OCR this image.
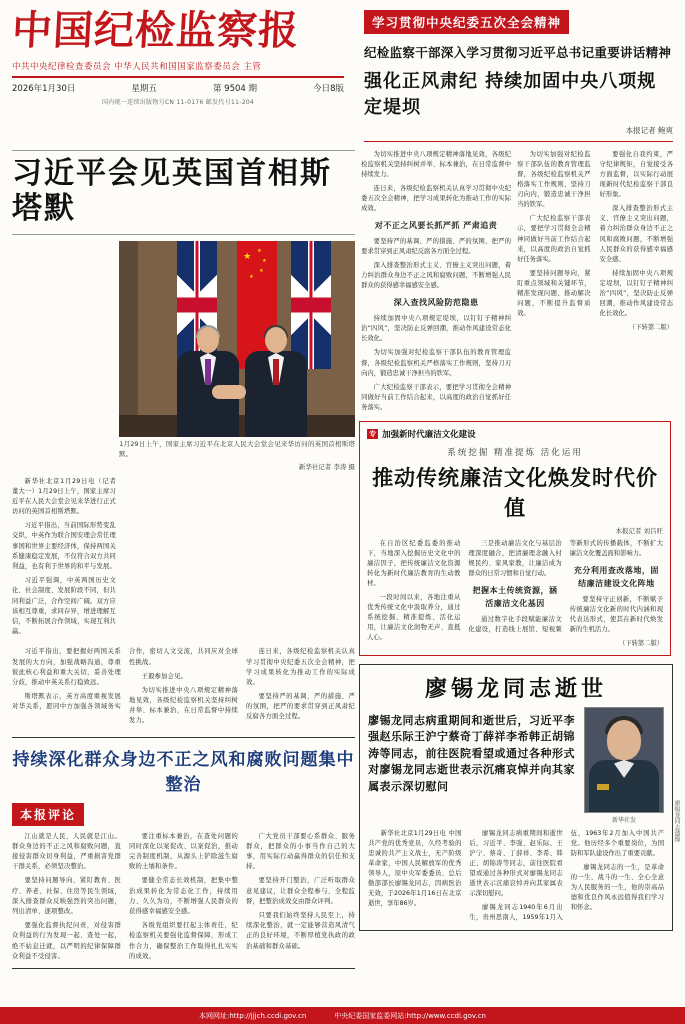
中国纪检监察报
中共中央纪律检查委员会 中华人民共和国国家监察委员会 主管
2026年1月30日	星期五	第 9504 期	今日8版
国内统一连续出版物号CN 11-0176 邮发代号11-204
学习贯彻中央纪委五次全会精神
纪检监察干部深入学习贯彻习近平总书记重要讲话精神
强化正风肃纪 持续加固中央八项规定堤坝
本报记者 鲍爽
习近平会见英国首相斯塔默
★
★
★
★
★
1月29日上午，国家主席习近平在北京人民大会堂会见来华访问的英国首相斯塔默。
新华社记者 李涛 摄

新华社北京1月29日电（记者 董大一）1月29日上午，国家主席习近平在人民大会堂会见来华进行正式访问的英国首相斯塔默。

习近平指出，当前国际形势变乱交织，中英作为联合国安理会常任理事国和世界主要经济体，保持两国关系健康稳定发展，不仅符合双方共同利益，也有利于世界的和平与发展。

习近平强调，中英两国历史文化、社会制度、发展阶段不同，但共同利益广泛，合作空间广阔。双方应该相互尊重，求同存异，增进理解互信，不断拓展合作领域，实现互利共赢。

习近平指出，要把握好两国关系发展的大方向，加强战略沟通，尊重彼此核心利益和重大关切，妥善处理分歧，推动中英关系行稳致远。

斯塔默表示，英方高度重视发展对华关系，愿同中方加强各领域务实合作，密切人文交流，共同应对全球性挑战。

王毅参加会见。

为切实推进中央八项规定精神落地见效，各级纪检监察机关坚持纠树并举、标本兼治，在日常监督中持续发力。

连日来，各级纪检监察机关认真学习贯彻中央纪委五次全会精神，把学习成果转化为推动工作的实际成效。

要坚持严的基调、严的措施、严的氛围，把严的要求贯穿到正风肃纪反腐各方面全过程。

持续深化群众身边不正之风和腐败问题集中整治
本报评论

江山就是人民，人民就是江山。群众身边的不正之风和腐败问题，直接侵害群众切身利益，严重损害党群干群关系，必须坚决整治。

要坚持问题导向，紧盯教育、医疗、养老、社保、住房等民生领域，深入排查群众反映强烈的突出问题，列出清单、逐项整改。

要强化监督执纪问责，对侵害群众利益的行为发现一起、查处一起，绝不姑息迁就，以严明的纪律保障群众利益不受侵害。

要注重标本兼治，在查处问题的同时深化以案促改、以案促治，推动完善制度机制，从源头上铲除滋生腐败的土壤和条件。

要健全常态长效机制，把集中整治成果转化为常态化工作，持续用力、久久为功，不断增强人民群众的获得感幸福感安全感。

各级党组织要扛起主体责任，纪检监察机关要强化监督保障，形成工作合力，确保整治工作取得扎扎实实的成效。

广大党员干部要心系群众、服务群众，把群众的小事当作自己的大事，用实际行动赢得群众的信任和支持。

要坚持开门整治，广泛听取群众意见建议，让群众全程参与、全程监督，把整治成效交由群众评判。

只要我们始终坚持人民至上，持续深化整治，就一定能够营造风清气正的良好环境，不断厚植党执政的政治基础和群众基础。

为切实推进中央八项规定精神落地见效，各级纪检监察机关坚持纠树并举、标本兼治，在日常监督中持续发力。

连日来，各级纪检监察机关认真学习贯彻中央纪委五次全会精神，把学习成果转化为推动工作的实际成效。

对不正之风要长抓严抓 严肃追责

要坚持严的基调、严的措施、严的氛围，把严的要求贯穿到正风肃纪反腐各方面全过程。

深入排查整治形式主义、官僚主义突出问题，着力纠治群众身边不正之风和腐败问题，不断增强人民群众的获得感幸福感安全感。

深入查找风险防范隐患

持续加固中央八项规定堤坝，以钉钉子精神纠治“四风”，坚决防止反弹回潮，推动作风建设常态化长效化。

为切实加强对纪检监察干部队伍的教育管理监督，各级纪检监察机关严格落实工作规则，坚持刀刃向内，锻造忠诚干净担当的铁军。

广大纪检监察干部表示，要把学习贯彻全会精神同做好当前工作结合起来，以高度的政治自觉抓好任务落实。

专 加强新时代廉洁文化建设
系统挖掘 精准提炼 活化运用
推动传统廉洁文化焕发时代价值
本报记者 刘吕旺

在自治区纪委监委的推动下，当地深入挖掘历史文化中的廉洁因子，把传统廉洁文化资源转化为新时代廉洁教育的生动教材。

一段时间以来，各地注重从优秀传统文化中汲取养分，通过系统挖掘、精准提炼、活化运用，让廉洁文化润物无声、直抵人心。

三是推动廉洁文化与基层治理深度融合，把清廉理念融入村规民约、家风家教，让廉洁成为群众的日常习惯和自觉行动。

把握本土传统资源，涵活廉洁文化基因

通过数字化手段赋能廉洁文化建设，打造线上展馆、短视频等新形式的传播载体，不断扩大廉洁文化覆盖面和影响力。

充分利用查改落地，固结廉洁建设文化阵地

要坚持守正创新，不断赋予传统廉洁文化新的时代内涵和现代表达形式，使其在新时代焕发新的生机活力。

（下转第二版）

廖锡龙同志逝世
廖锡龙同志病重期间和逝世后，习近平李强赵乐际王沪宁蔡奇丁薛祥李希韩正胡锦涛等同志，前往医院看望或通过各种形式对廖锡龙同志逝世表示沉痛哀悼并向其家属表示深切慰问
新华社发

新华社北京1月29日电 中国共产党的优秀党员，久经考验的忠诚的共产主义战士，无产阶级革命家，中国人民解放军的优秀领导人，原中央军委委员、总后勤部部长廖锡龙同志，因病医治无效，于2026年1月16日在北京逝世，享年86岁。

廖锡龙同志病重期间和逝世后，习近平、李强、赵乐际、王沪宁、蔡奇、丁薛祥、李希、韩正、胡锦涛等同志，前往医院看望或通过各种形式对廖锡龙同志逝世表示沉痛哀悼并向其家属表示深切慰问。

廖锡龙同志1940年6月出生，贵州思南人，1959年1月入伍，1963年2月加入中国共产党。他历经多个重要岗位，为国防和军队建设作出了重要贡献。

廖锡龙同志的一生，是革命的一生、战斗的一生、全心全意为人民服务的一生，他的崇高品德和优良作风永远值得我们学习和怀念。

为切实加强对纪检监察干部队伍的教育管理监督，各级纪检监察机关严格落实工作规则，坚持刀刃向内，锻造忠诚干净担当的铁军。

广大纪检监察干部表示，要把学习贯彻全会精神同做好当前工作结合起来，以高度的政治自觉抓好任务落实。

要坚持问题导向，紧盯重点领域和关键环节，精准发现问题、推动解决问题，不断提升监督质效。

要强化自我约束，严守纪律规矩，自觉接受各方面监督，以实际行动展现新时代纪检监察干部良好形象。

深入排查整治形式主义、官僚主义突出问题，着力纠治群众身边不正之风和腐败问题，不断增强人民群众的获得感幸福感安全感。

持续加固中央八项规定堤坝，以钉钉子精神纠治“四风”，坚决防止反弹回潮，推动作风建设常态化长效化。

（下转第二版）

廖锡龙同志遗像
本网网址:http://jjjch.ccdi.gov.cn	中央纪委国家监委网站:http://www.ccdi.gov.cn
